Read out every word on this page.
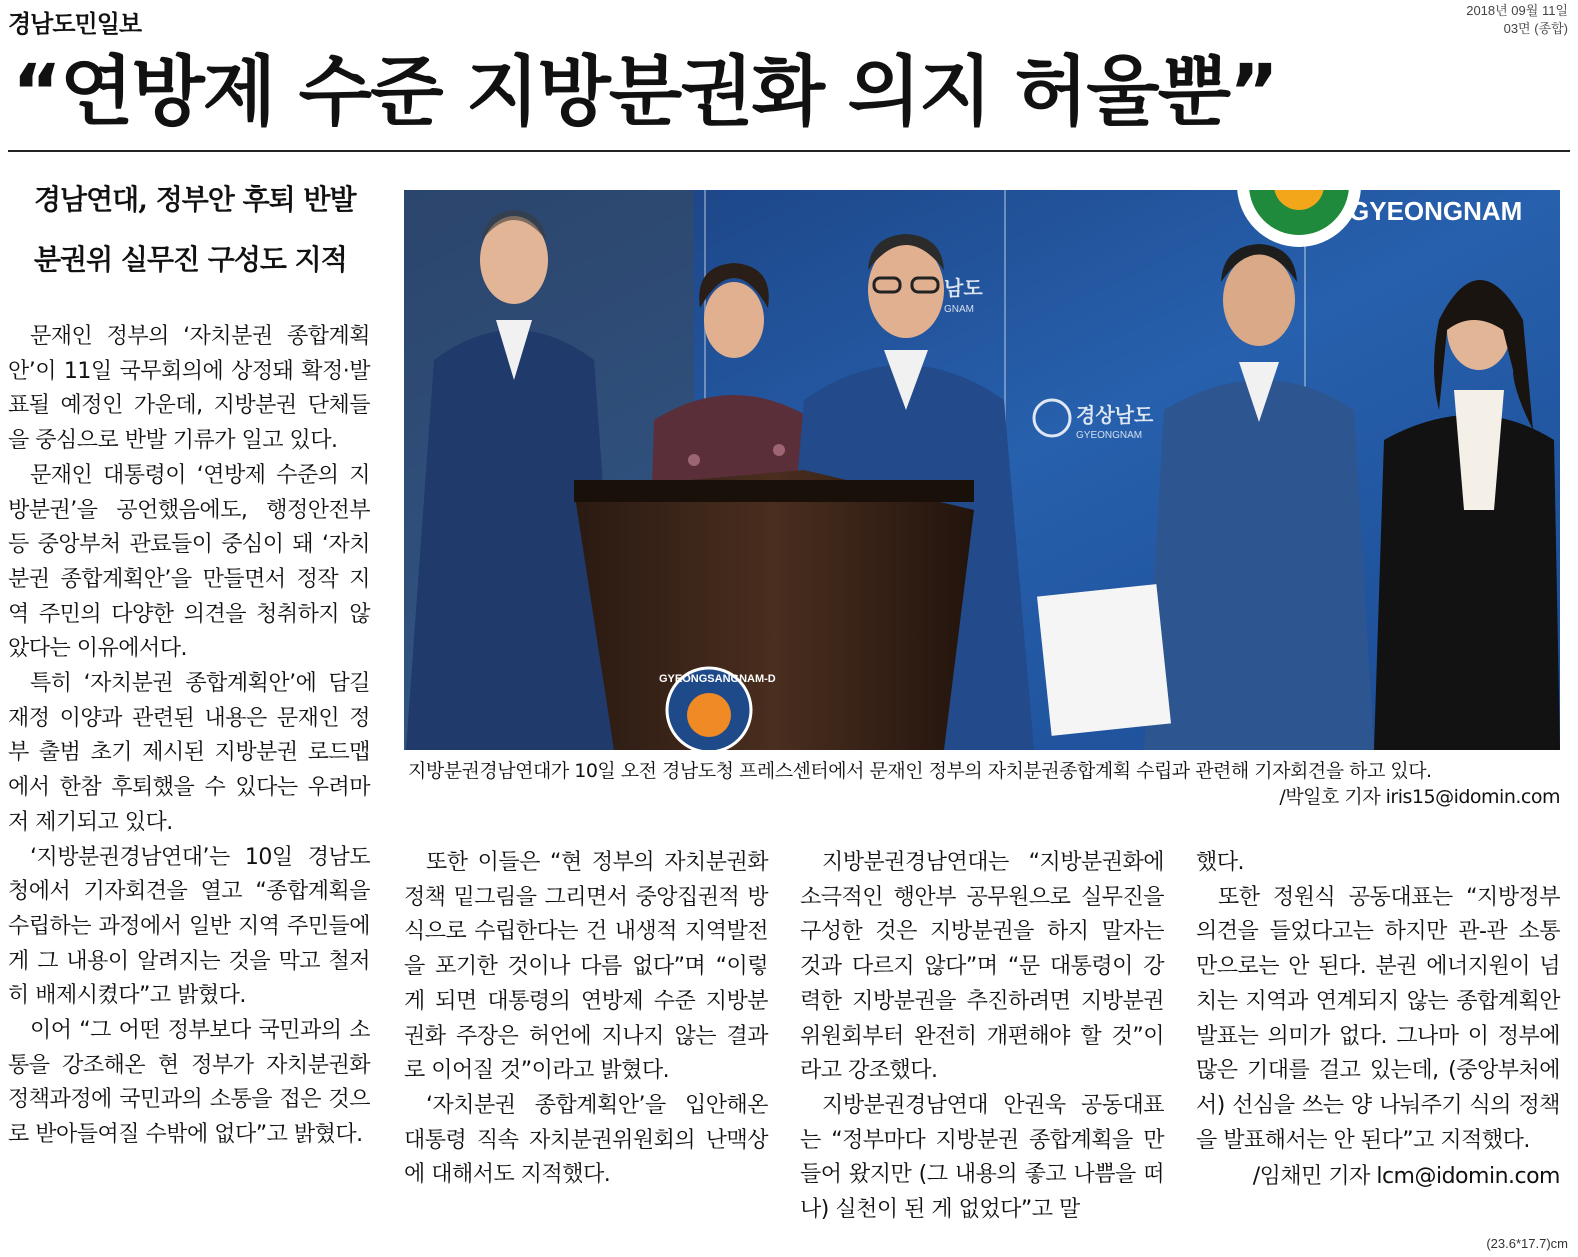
경남도민일보	2018년 09월 11일
03면 (종합)
“연방제 수준 지방분권화 의지 허울뿐”
경남연대, 정부안 후퇴 반발
분권위 실무진 구성도 지적

문재인 정부의 ‘자치분권 종합계획안’이 11일 국무회의에 상정돼 확정·발표될 예정인 가운데, 지방분권 단체들을 중심으로 반발 기류가 일고 있다.

문재인 대통령이 ‘연방제 수준의 지방분권’을 공언했음에도, 행정안전부 등 중앙부처 관료들이 중심이 돼 ‘자치분권 종합계획안’을 만들면서 정작 지역 주민의 다양한 의견을 청취하지 않았다는 이유에서다.

특히 ‘자치분권 종합계획안’에 담길 재정 이양과 관련된 내용은 문재인 정부 출범 초기 제시된 지방분권 로드맵에서 한참 후퇴했을 수 있다는 우려마저 제기되고 있다.

‘지방분권경남연대’는 10일 경남도청에서 기자회견을 열고 “종합계획을 수립하는 과정에서 일반 지역 주민들에게 그 내용이 알려지는 것을 막고 철저히 배제시켰다”고 밝혔다.

이어 “그 어떤 정부보다 국민과의 소통을 강조해온 현 정부가 자치분권화 정책과정에 국민과의 소통을 접은 것으로 받아들여질 수밖에 없다”고 밝혔다.

GYEONGNAM
남도
GNAM
경상남도
GYEONGNAM
GYEONGSANGNAM-D
지방분권경남연대가 10일 오전 경남도청 프레스센터에서 문재인 정부의 자치분권종합계획 수립과 관련해 기자회견을 하고 있다.
/박일호 기자 iris15@idomin.com

또한 이들은 “현 정부의 자치분권화 정책 밑그림을 그리면서 중앙집권적 방식으로 수립한다는 건 내생적 지역발전을 포기한 것이나 다름 없다”며 “이렇게 되면 대통령의 연방제 수준 지방분권화 주장은 허언에 지나지 않는 결과로 이어질 것”이라고 밝혔다.

‘자치분권 종합계획안’을 입안해온 대통령 직속 자치분권위원회의 난맥상에 대해서도 지적했다.

지방분권경남연대는 “지방분권화에 소극적인 행안부 공무원으로 실무진을 구성한 것은 지방분권을 하지 말자는 것과 다르지 않다”며 “문 대통령이 강력한 지방분권을 추진하려면 지방분권위원회부터 완전히 개편해야 할 것”이라고 강조했다.

지방분권경남연대 안권욱 공동대표는 “정부마다 지방분권 종합계획을 만들어 왔지만 (그 내용의 좋고 나쁨을 떠나) 실천이 된 게 없었다”고 말

했다.

또한 정원식 공동대표는 “지방정부 의견을 들었다고는 하지만 관-관 소통만으로는 안 된다. 분권 에너지원이 넘치는 지역과 연계되지 않는 종합계획안 발표는 의미가 없다. 그나마 이 정부에 많은 기대를 걸고 있는데, (중앙부처에서) 선심을 쓰는 양 나눠주기 식의 정책을 발표해서는 안 된다”고 지적했다.

/임채민 기자 lcm@idomin.com
(23.6*17.7)cm
